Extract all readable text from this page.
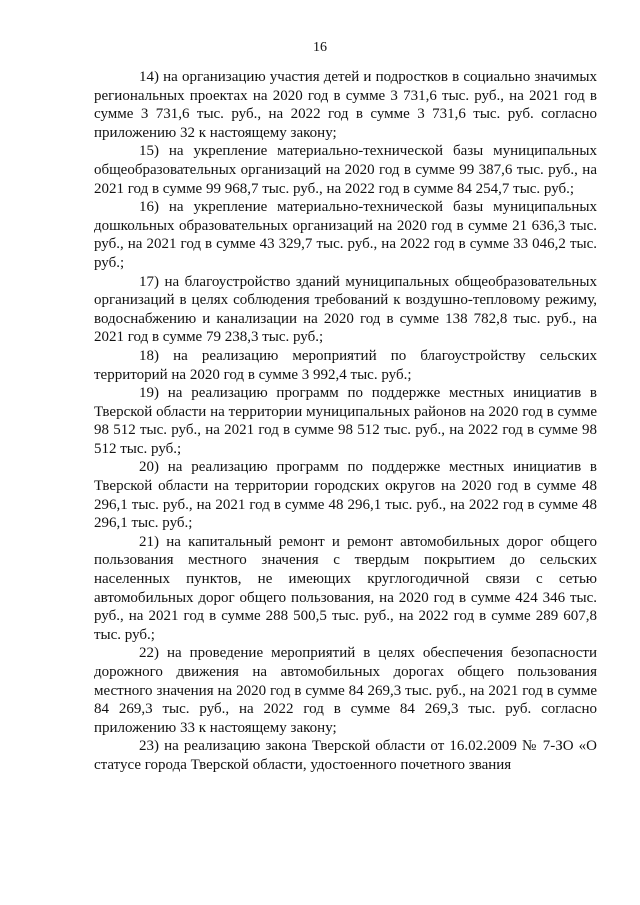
16

14) на организацию участия детей и подростков в социально значимых региональных проектах на 2020 год в сумме 3 731,6 тыс. руб., на 2021 год в сумме 3 731,6 тыс. руб., на 2022 год в сумме 3 731,6 тыс. руб. согласно приложению 32 к настоящему закону;

15) на укрепление материально-технической базы муниципальных общеобразовательных организаций на 2020 год в сумме 99 387,6 тыс. руб., на 2021 год в сумме 99 968,7 тыс. руб., на 2022 год в сумме 84 254,7 тыс. руб.;

16) на укрепление материально-технической базы муниципальных дошкольных образовательных организаций на 2020 год в сумме 21 636,3 тыс. руб., на 2021 год в сумме 43 329,7 тыс. руб., на 2022 год в сумме 33 046,2 тыс. руб.;

17) на благоустройство зданий муниципальных общеобразовательных организаций в целях соблюдения требований к воздушно-тепловому режиму, водоснабжению и канализации на 2020 год в сумме 138 782,8 тыс. руб., на 2021 год в сумме 79 238,3 тыс. руб.;

18) на реализацию мероприятий по благоустройству сельских территорий на 2020 год в сумме 3 992,4 тыс. руб.;

19) на реализацию программ по поддержке местных инициатив в Тверской области на территории муниципальных районов на 2020 год в сумме 98 512 тыс. руб., на 2021 год в сумме 98 512 тыс. руб., на 2022 год в сумме 98 512 тыс. руб.;

20) на реализацию программ по поддержке местных инициатив в Тверской области на территории городских округов на 2020 год в сумме 48 296,1 тыс. руб., на 2021 год в сумме 48 296,1 тыс. руб., на 2022 год в сумме 48 296,1 тыс. руб.;

21) на капитальный ремонт и ремонт автомобильных дорог общего пользования местного значения с твердым покрытием до сельских населенных пунктов, не имеющих круглогодичной связи с сетью автомобильных дорог общего пользования, на 2020 год в сумме 424 346 тыс. руб., на 2021 год в сумме 288 500,5 тыс. руб., на 2022 год в сумме 289 607,8 тыс. руб.;

22) на проведение мероприятий в целях обеспечения безопасности дорожного движения на автомобильных дорогах общего пользования местного значения на 2020 год в сумме 84 269,3 тыс. руб., на 2021 год в сумме 84 269,3 тыс. руб., на 2022 год в сумме 84 269,3 тыс. руб. согласно приложению 33 к настоящему закону;

23) на реализацию закона Тверской области от 16.02.2009 № 7-ЗО «О статусе города Тверской области, удостоенного почетного звания
